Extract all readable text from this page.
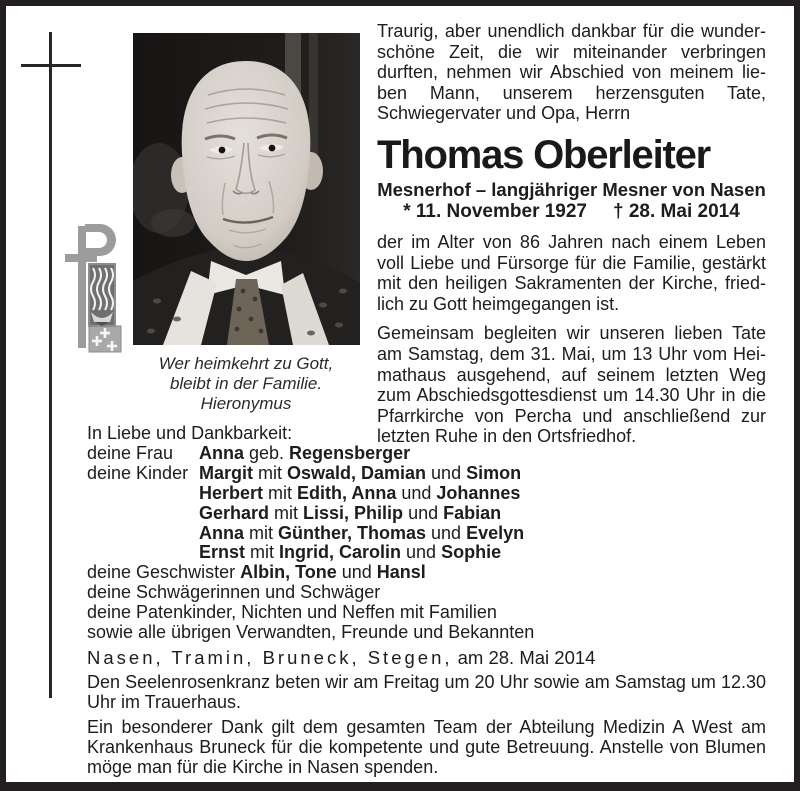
Wer heimkehrt zu Gott,
bleibt in der Familie.
Hieronymus

Traurig, aber unendlich dankbar für die wunderschöne Zeit, die wir miteinander verbringen durften, nehmen wir Abschied von meinem lieben Mann, unserem herzensguten Tate, Schwiegervater und Opa, Herrn

Thomas Oberleiter
Mesnerhof – langjähriger Mesner von Nasen
* 11. November 1927 † 28. Mai 2014

der im Alter von 86 Jahren nach einem Leben voll Liebe und Fürsorge für die Familie, gestärkt mit den heiligen Sakramenten der Kirche, friedlich zu Gott heimgegangen ist.

Gemeinsam begleiten wir unseren lieben Tate am Samstag, dem 31. Mai, um 13 Uhr vom Heimathaus ausgehend, auf seinem letzten Weg zum Abschiedsgottesdienst um 14.30 Uhr in die Pfarrkirche von Percha und anschließend zur letzten Ruhe in den Ortsfriedhof.

In Liebe und Dankbarkeit:
deine Frau	Anna geb. Regensberger
deine Kinder Margit mit Oswald, Damian und Simon
Herbert mit Edith, Anna und Johannes
Gerhard mit Lissi, Philip und Fabian
Anna mit Günther, Thomas und Evelyn
Ernst mit Ingrid, Carolin und Sophie
deine Geschwister Albin, Tone und Hansl
deine Schwägerinnen und Schwäger
deine Patenkinder, Nichten und Neffen mit Familien
sowie alle übrigen Verwandten, Freunde und Bekannten
Nasen, Tramin, Bruneck, Stegen, am 28. Mai 2014

Den Seelenrosenkranz beten wir am Freitag um 20 Uhr sowie am Samstag um 12.30 Uhr im Trauerhaus.

Ein besonderer Dank gilt dem gesamten Team der Abteilung Medizin A West am Krankenhaus Bruneck für die kompetente und gute Betreuung. Anstelle von Blumen möge man für die Kirche in Nasen spenden.

Bestattung Christof Gasser, Sand in Taufers, Bruneck, Olang, Tel. 0474/050505
